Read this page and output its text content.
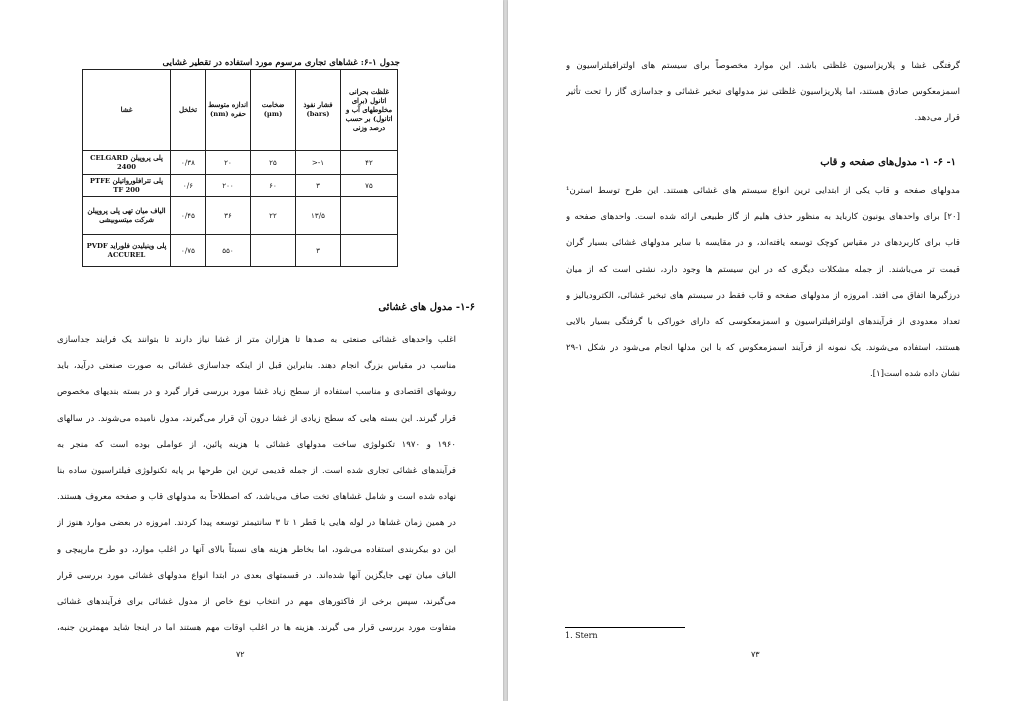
جدول ۱-۶: غشاهای تجاری مرسوم مورد استفاده در تقطیر غشایی
غلظت بحرانی اتانول (برای مخلوطهای آب و اتانول) بر حسب درصد وزنی	فشار نفوذ (bars)	ضخامت (µm)	اندازه متوسط حفره (nm)	تخلخل	غشا
۴۲	۱-<	۲۵	۲۰	۰/۳۸	پلی پروپیلن CELGARD 2400
۷۵	۳	۶۰	۲۰۰	۰/۶	پلی تترافلورواتیلن PTFE TF 200
	۱۳/۵	۲۲	۳۶	۰/۴۵	الیاف میان تهی پلی پروپیلن شرکت میتسوبیشی
	۳		۵۵۰	۰/۷۵	پلی وینیلیدن فلوراید PVDF ACCUREL
۱-۶- مدول های غشائی
اغلب واحدهای غشائی صنعتی به صدها تا هزاران متر از غشا نیاز دارند تا بتوانند یک فرایند جداسازی
مناسب در مقیاس بزرگ انجام دهند. بنابراین قبل از اینکه جداسازی غشائی به صورت صنعتی درآید، باید
روشهای اقتصادی و مناسب استفاده از سطح زیاد غشا مورد بررسی قرار گیرد و در بسته بندیهای مخصوص
قرار گیرند. این بسته هایی که سطح زیادی از غشا درون آن قرار می‌گیرند، مدول نامیده می‌شوند. در سالهای
۱۹۶۰ و ۱۹۷۰ تکنولوژی ساخت مدولهای غشائی با هزینه پائین، از عواملی بوده است که منجر به
فرآیندهای غشائی تجاری شده است. از جمله قدیمی ترین این طرحها بر پایه تکنولوژی فیلتراسیون ساده بنا
نهاده شده است و شامل غشاهای تخت صاف می‌باشد، که اصطلاحاً به مدولهای قاب و صفحه معروف هستند.
در همین زمان غشاها در لوله هایی با قطر ۱ تا ۳ سانتیمتر توسعه پیدا کردند. امروزه در بعضی موارد هنوز از
این دو بیکربندی استفاده می‌شود، اما بخاطر هزینه های نسبتاً بالای آنها در اغلب موارد، دو طرح مارپیچی و
الیاف میان تهی جایگزین آنها شده‌اند. در قسمتهای بعدی در ابتدا انواع مدولهای غشائی مورد بررسی قرار
می‌گیرند، سپس برخی از فاکتورهای مهم در انتخاب نوع خاص از مدول غشائی برای فرآیندهای غشائی
متفاوت مورد بررسی قرار می گیرند. هزینه ها در اغلب اوقات مهم هستند اما در اینجا شاید مهمترین جنبه،
۷۲
گرفتگی غشا و پلاریزاسیون غلظتی باشد. این موارد مخصوصاً برای سیستم های اولترافیلتراسیون و
اسمزمعکوس صادق هستند، اما پلاریزاسیون غلظتی نیز مدولهای تبخیر غشائی و جداسازی گاز را تحت تأثیر
قرار می‌دهد.
۱- ۶- ۱- مدول‌های صفحه و قاب
مدولهای صفحه و قاب یکی از ابتدایی ترین انواع سیستم های غشائی هستند. این طرح توسط استرن¹
[۲۰] برای واحدهای یونیون کارباید به منظور حذف هلیم از گاز طبیعی ارائه شده است. واحدهای صفحه و
قاب برای کاربردهای در مقیاس کوچک توسعه یافته‌اند، و در مقایسه با سایر مدولهای غشائی بسیار گران
قیمت تر می‌باشند. از جمله مشکلات دیگری که در این سیستم ها وجود دارد، نشتی است که از میان
درزگیرها اتفاق می افتد. امروزه از مدولهای صفحه و قاب فقط در سیستم های تبخیر غشائی، الکترودیالیز و
تعداد معدودی از فرآیندهای اولترافیلتراسیون و اسمزمعکوسی که دارای خوراکی با گرفتگی بسیار بالایی
هستند، استفاده می‌شوند. یک نمونه از فرآیند اسمزمعکوس که با این مدلها انجام می‌شود در شکل ۱-۲۹
نشان داده شده است[۱].
۷۳
1. Stern
